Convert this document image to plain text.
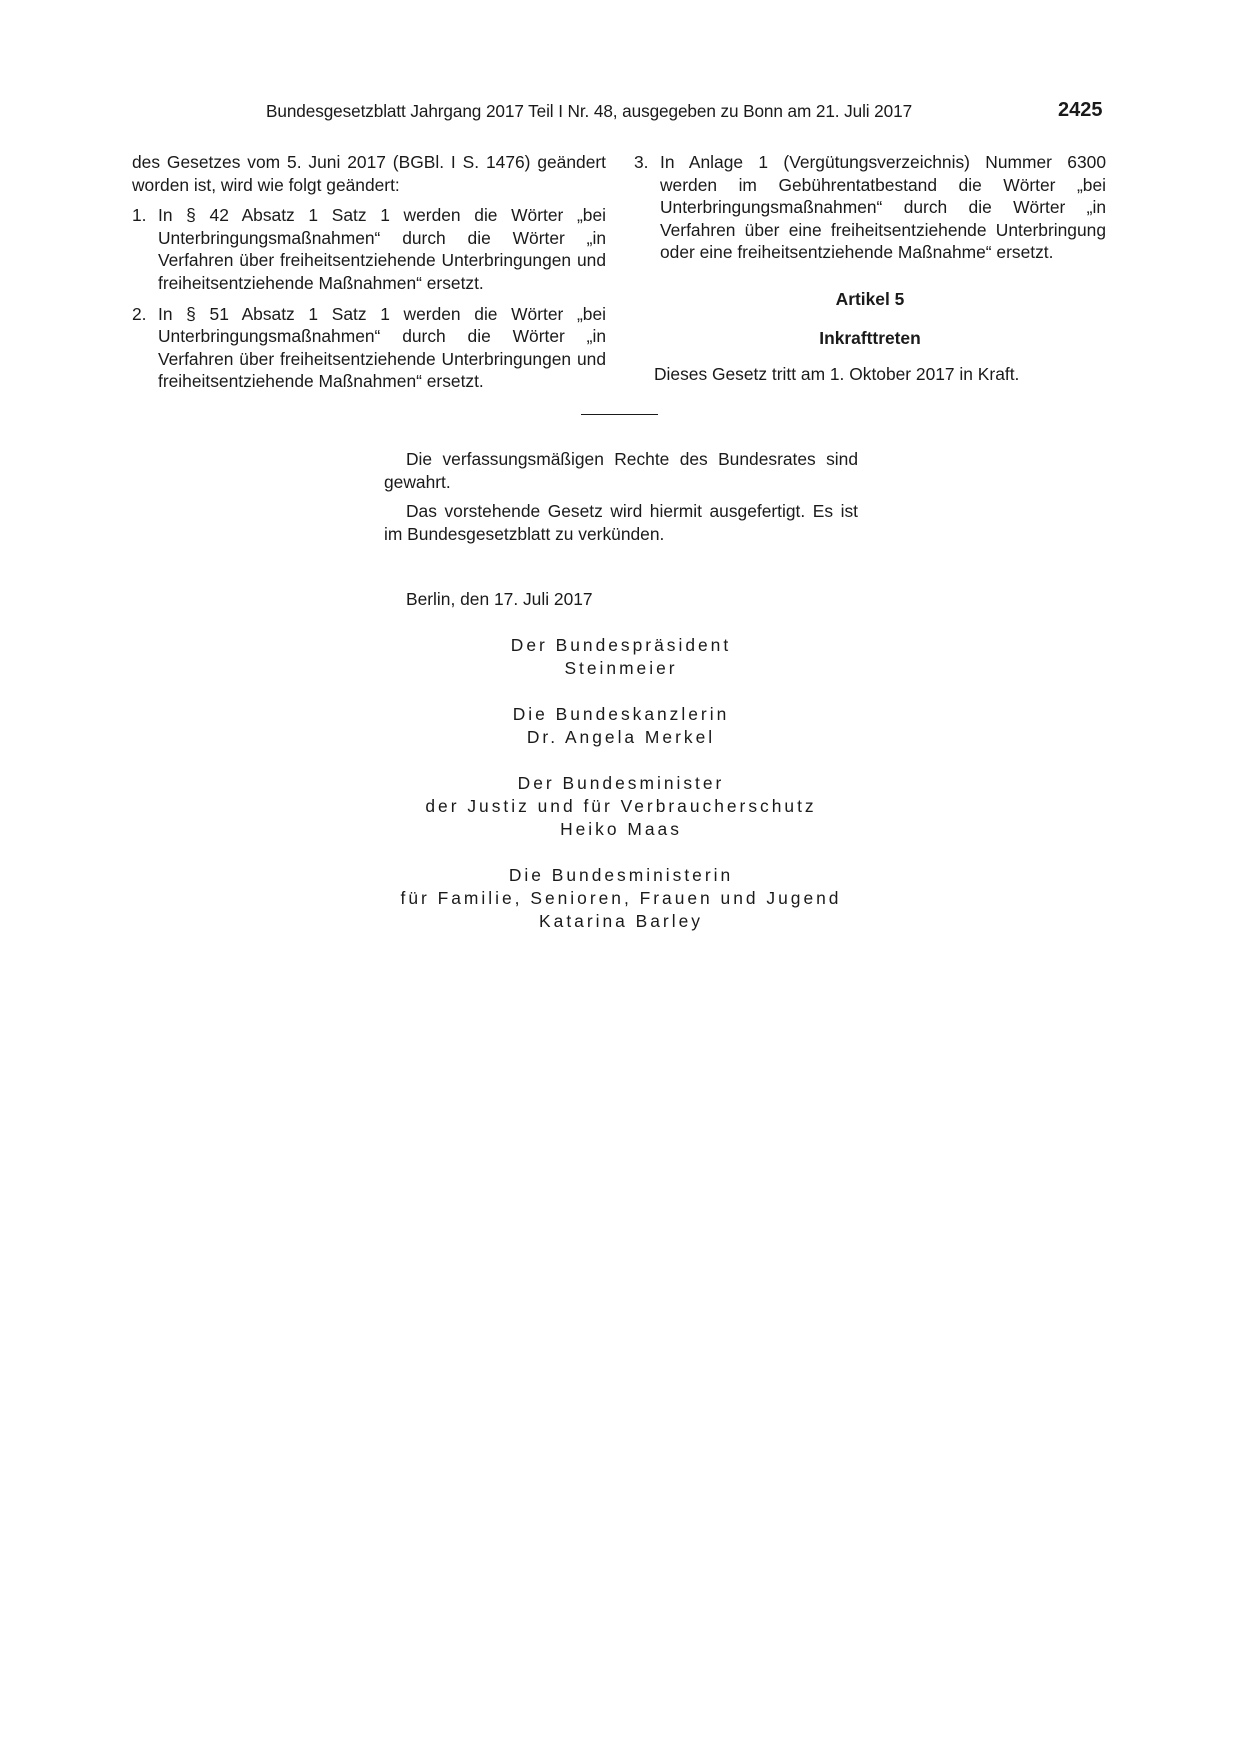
Bundesgesetzblatt Jahrgang 2017 Teil I Nr. 48, ausgegeben zu Bonn am 21. Juli 2017	2425

des Gesetzes vom 5. Juni 2017 (BGBl. I S. 1476) geändert worden ist, wird wie folgt geändert:

1. In § 42 Absatz 1 Satz 1 werden die Wörter „bei Unterbringungsmaßnahmen“ durch die Wörter „in Verfahren über freiheitsentziehende Unterbringungen und freiheitsentziehende Maßnahmen“ ersetzt.
2. In § 51 Absatz 1 Satz 1 werden die Wörter „bei Unterbringungsmaßnahmen“ durch die Wörter „in Verfahren über freiheitsentziehende Unterbringungen und freiheitsentziehende Maßnahmen“ ersetzt.
3. In Anlage 1 (Vergütungsverzeichnis) Nummer 6300 werden im Gebührentatbestand die Wörter „bei Unterbringungsmaßnahmen“ durch die Wörter „in Verfahren über eine freiheitsentziehende Unterbringung oder eine freiheitsentziehende Maßnahme“ ersetzt.

Artikel 5

Inkrafttreten

Dieses Gesetz tritt am 1. Oktober 2017 in Kraft.

Die verfassungsmäßigen Rechte des Bundesrates sind gewahrt.

Das vorstehende Gesetz wird hiermit ausgefertigt. Es ist im Bundesgesetzblatt zu verkünden.

Berlin, den 17. Juli 2017
Der Bundespräsident
Steinmeier
Die Bundeskanzlerin
Dr. Angela Merkel
Der Bundesminister
der Justiz und für Verbraucherschutz
Heiko Maas
Die Bundesministerin
für Familie, Senioren, Frauen und Jugend
Katarina Barley
